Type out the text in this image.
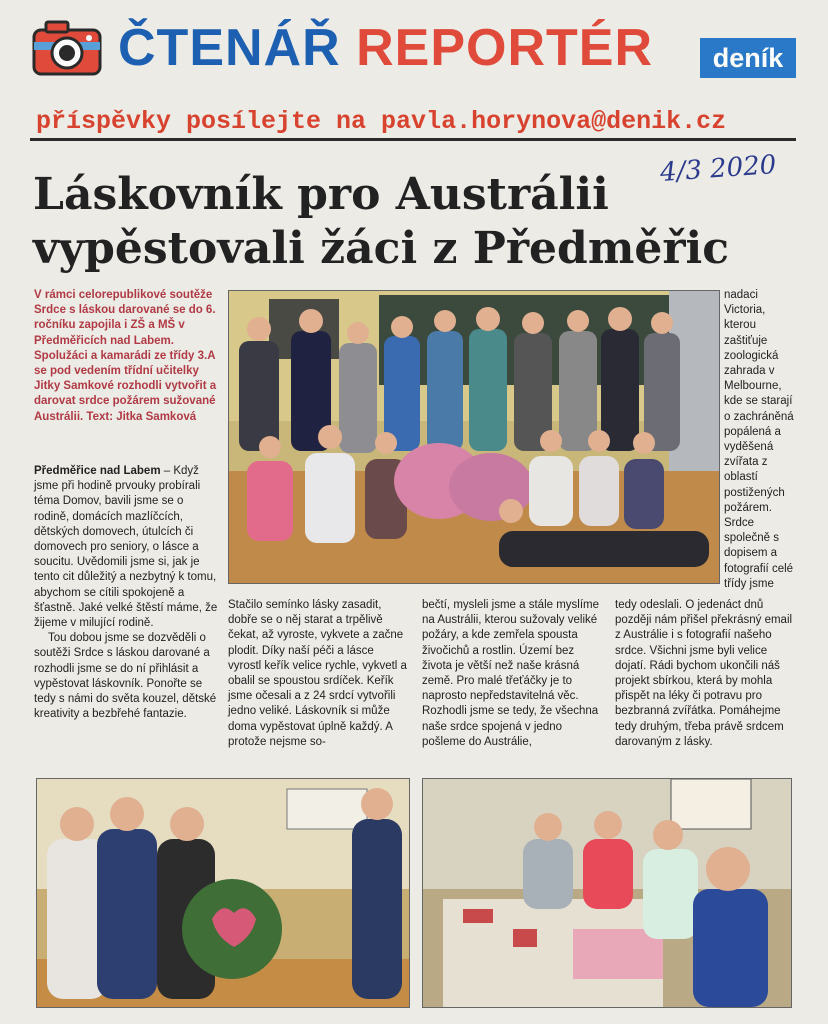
ČTENÁŘ REPORTÉR	deník
příspěvky posílejte na pavla.horynova@denik.cz
4/3 2020
Láskovník pro Austrálii
vypěstovali žáci z Předměřic
V rámci celorepublikové soutěže Srdce s láskou darované se do 6. ročníku zapojila i ZŠ a MŠ v Předměřicích nad Labem. Spolužáci a kamarádi ze třídy 3.A se pod vedením třídní učitelky Jitky Samkové rozhodli vytvořit a darovat srdce požárem sužované Austrálii. Text: Jitka Samková

Předměřice nad Labem – Když jsme při hodině prvouky probírali téma Domov, bavili jsme se o rodině, domácích mazlíčcích, dětských domovech, útulcích či domovech pro seniory, o lásce a soucitu. Uvědomili jsme si, jak je tento cit důležitý a nezbytný k tomu, abychom se cítili spokojeně a šťastně. Jaké velké štěstí máme, že žijeme v milující rodině.

Tou dobou jsme se dozvěděli o soutěži Srdce s láskou darované a rozhodli jsme se do ní přihlásit a vypěstovat láskovník. Ponořte se tedy s námi do světa kouzel, dětské kreativity a bezbřehé fantazie.

nadaci Victoria, kterou zaštiťuje zoologická zahrada v Melbourne, kde se starají o zachráněná popálená a vyděšená zvířata z oblastí postižených požárem. Srdce společně s dopisem a fotografií celé třídy jsme
Stačilo semínko lásky zasadit, dobře se o něj starat a trpělivě čekat, až vyroste, vykvete a začne plodit. Díky naší péči a lásce vyrostl keřík velice rychle, vykvetl a obalil se spoustou srdíček. Keřík jsme očesali a z 24 srdcí vytvořili jedno veliké. Láskovník si může doma vypěstovat úplně každý. A protože nejsme so-
bečtí, mysleli jsme a stále myslíme na Austrálii, kterou sužovaly veliké požáry, a kde zemřela spousta živočichů a rostlin. Území bez života je větší než naše krásná země. Pro malé třeťáčky je to naprosto nepředstavitelná věc. Rozhodli jsme se tedy, že všechna naše srdce spojená v jedno pošleme do Austrálie,
tedy odeslali. O jedenáct dnů později nám přišel překrásný email z Austrálie i s fotografií našeho srdce. Všichni jsme byli velice dojatí. Rádi bychom ukončili náš projekt sbírkou, která by mohla přispět na léky či potravu pro bezbranná zvířátka. Pomáhejme tedy druhým, třeba právě srdcem darovaným z lásky.
